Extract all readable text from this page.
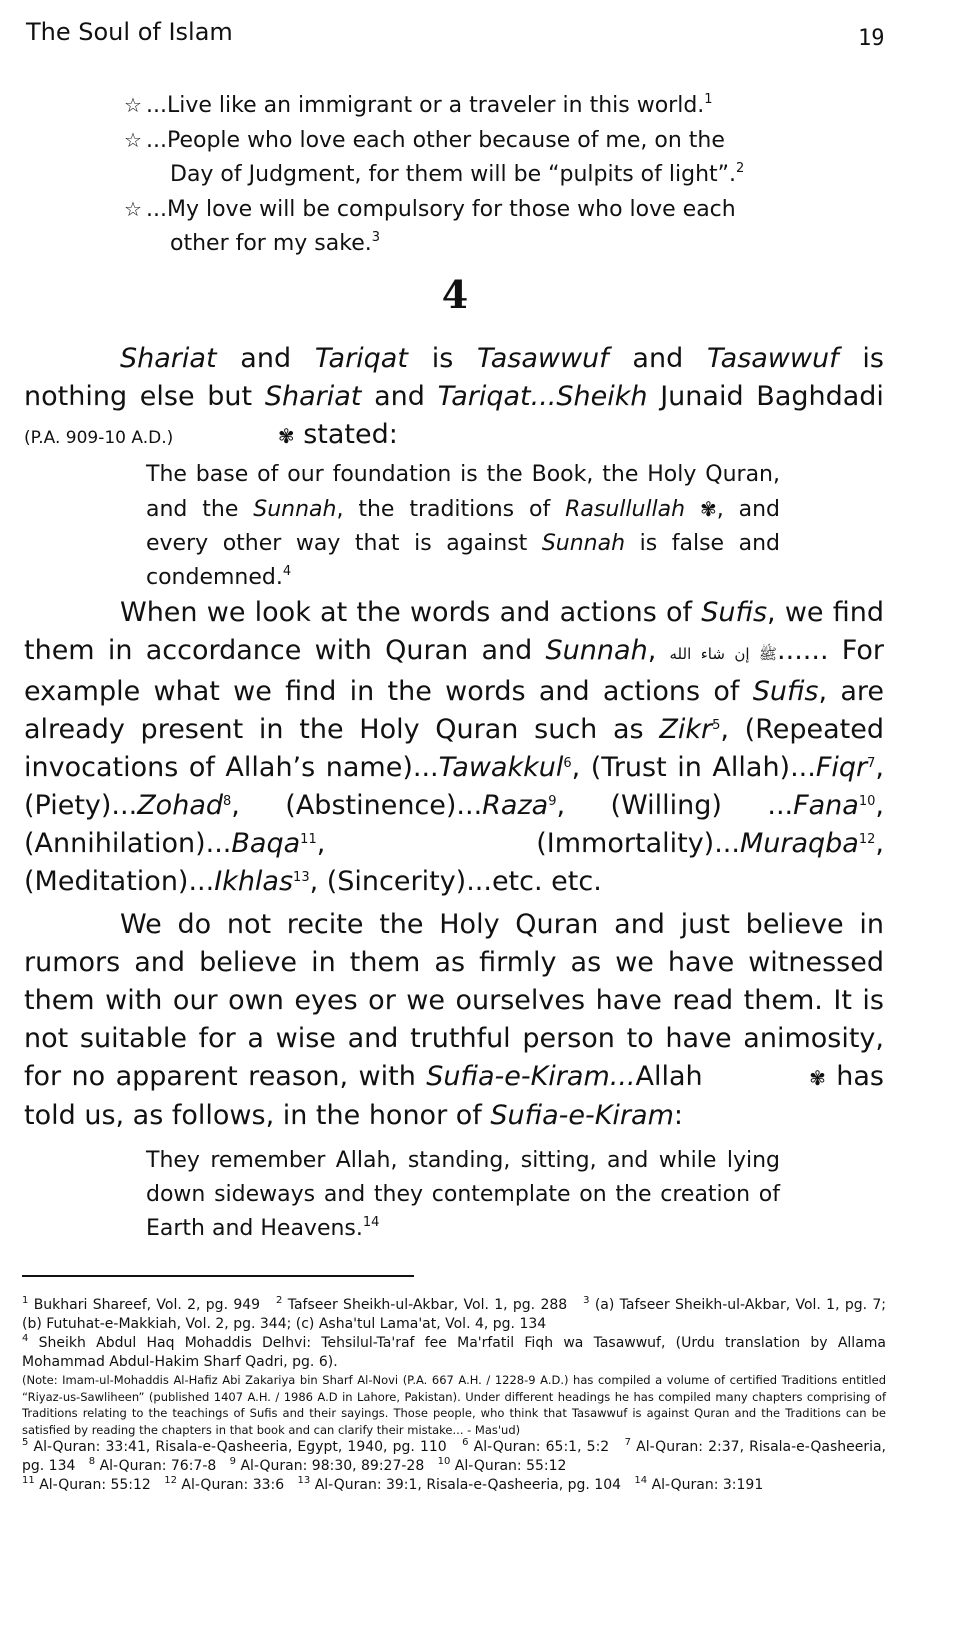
The Soul of Islam	19

☆ ...Live like an immigrant or a traveler in this world.$^1$

☆ ...People who love each other because of me, on the Day of Judgment, for them will be “pulpits of light”.$^2$

☆ ...My love will be compulsory for those who love each other for my sake.$^3$

4

Shariat and Tariqat is Tasawwuf and Tasawwuf is nothing else but Shariat and Tariqat...Sheikh Junaid Baghdadi (P.A. 909-10 A.D.)	✾ stated:

The base of our foundation is the Book, the Holy Quran, and the Sunnah, the traditions of Rasullullah ✾, and every other way that is against Sunnah is false and condemned.$^4$

When we look at the words and actions of Sufis, we find them in accordance with Quran and Sunnah, ﷺ إن شاء الله...... For example what we find in the words and actions of Sufis, are already present in the Holy Quran such as Zikr$^5$, (Repeated invocations of Allah’s name)...Tawakkul$^6$, (Trust in Allah)...Fiqr$^7$, (Piety)...Zohad$^8$, (Abstinence)...Raza$^9$, (Willing) ...Fana$^{10}$, (Annihilation)...Baqa$^{11}$, (Immortality)...Muraqba$^{12}$, (Meditation)...Ikhlas$^{13}$, (Sincerity)...etc. etc.

We do not recite the Holy Quran and just believe in rumors and believe in them as firmly as we have witnessed them with our own eyes or we ourselves have read them. It is not suitable for a wise and truthful person to have animosity, for no apparent reason, with Sufia-e-Kiram...Allah	✾ has told us, as follows, in the honor of Sufia-e-Kiram:

They remember Allah, standing, sitting, and while lying down sideways and they contemplate on the creation of Earth and Heavens.$^{14}$

$^1$ Bukhari Shareef, Vol. 2, pg. 949 $^2$ Tafseer Sheikh-ul-Akbar, Vol. 1, pg. 288 $^3$ (a) Tafseer Sheikh-ul-Akbar, Vol. 1, pg. 7; (b) Futuhat-e-Makkiah, Vol. 2, pg. 344; (c) Asha'tul Lama'at, Vol. 4, pg. 134

$^4$ Sheikh Abdul Haq Mohaddis Delhvi: Tehsilul-Ta'raf fee Ma'rfatil Fiqh wa Tasawwuf, (Urdu translation by Allama Mohammad Abdul-Hakim Sharf Qadri, pg. 6).

(Note: Imam-ul-Mohaddis Al-Hafiz Abi Zakariya bin Sharf Al-Novi (P.A. 667 A.H. / 1228-9 A.D.) has compiled a volume of certified Traditions entitled “Riyaz-us-Sawliheen” (published 1407 A.H. / 1986 A.D in Lahore, Pakistan). Under different headings he has compiled many chapters comprising of Traditions relating to the teachings of Sufis and their sayings. Those people, who think that Tasawwuf is against Quran and the Traditions can be satisfied by reading the chapters in that book and can clarify their mistake... - Mas'ud)

$^5$ Al-Quran: 33:41, Risala-e-Qasheeria, Egypt, 1940, pg. 110 $^6$ Al-Quran: 65:1, 5:2 $^7$ Al-Quran: 2:37, Risala-e-Qasheeria, pg. 134 $^8$ Al-Quran: 76:7-8 $^9$ Al-Quran: 98:30, 89:27-28 $^{10}$ Al-Quran: 55:12

$^{11}$ Al-Quran: 55:12 $^{12}$ Al-Quran: 33:6 $^{13}$ Al-Quran: 39:1, Risala-e-Qasheeria, pg. 104 $^{14}$ Al-Quran: 3:191
